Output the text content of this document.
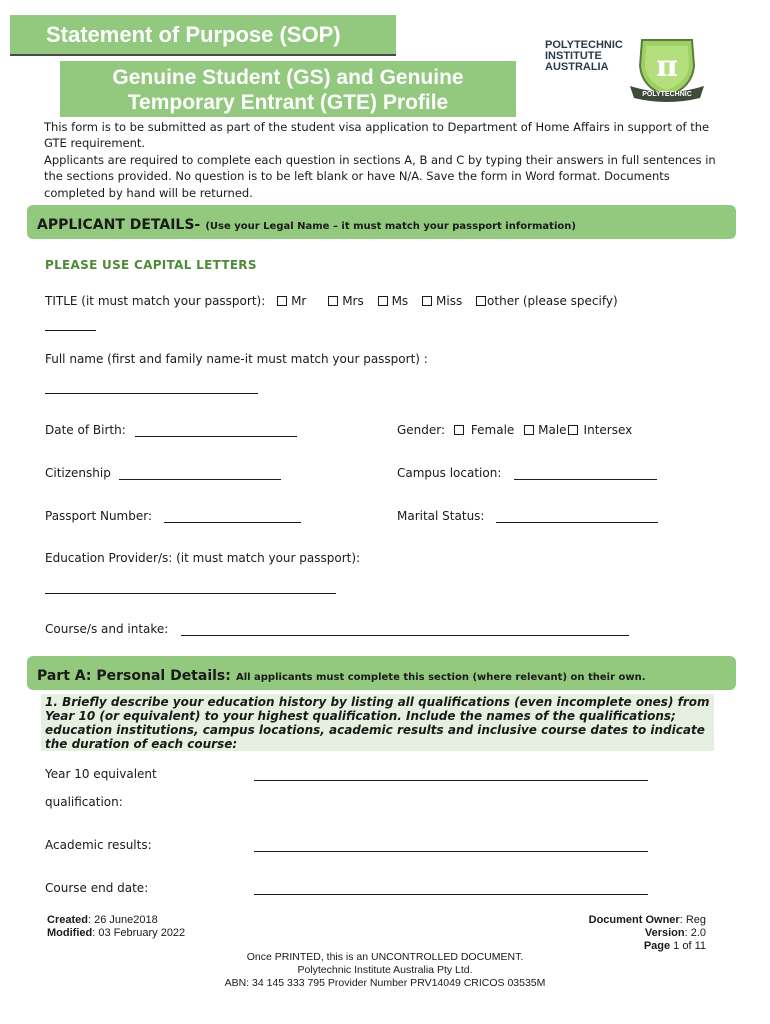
Statement of Purpose (SOP)
Genuine Student (GS) and Genuine
Temporary Entrant (GTE) Profile
POLYTECHNIC
INSTITUTE
AUSTRALIA	π
POLYTECHNIC
This form is to be submitted as part of the student visa application to Department of Home Affairs in support of the GTE requirement.
Applicants are required to complete each question in sections A, B and C by typing their answers in full sentences in the sections provided. No question is to be left blank or have N/A. Save the form in Word format. Documents completed by hand will be returned.
APPLICANT DETAILS- (Use your Legal Name – it must match your passport information)
PLEASE USE CAPITAL LETTERS
TITLE (it must match your passport): Mr	Mrs Ms Miss other (please specify)
Full name (first and family name-it must match your passport) :
Date of Birth:	Gender: Female Male Intersex
Citizenship	Campus location:
Passport Number:	Marital Status:
Education Provider/s: (it must match your passport):
Course/s and intake:
Part A: Personal Details: All applicants must complete this section (where relevant) on their own.
1. Briefly describe your education history by listing all qualifications (even incomplete ones) from Year 10 (or equivalent) to your highest qualification. Include the names of the qualifications; education institutions, campus locations, academic results and inclusive course dates to indicate the duration of each course:
Year 10 equivalent
qualification:
Academic results:
Course end date:
Created: 26 June2018
Modified: 03 February 2022
Document Owner: Reg
Version: 2.0
Page 1 of 11
Once PRINTED, this is an UNCONTROLLED DOCUMENT.
Polytechnic Institute Australia Pty Ltd.
ABN: 34 145 333 795 Provider Number PRV14049 CRICOS 03535M
